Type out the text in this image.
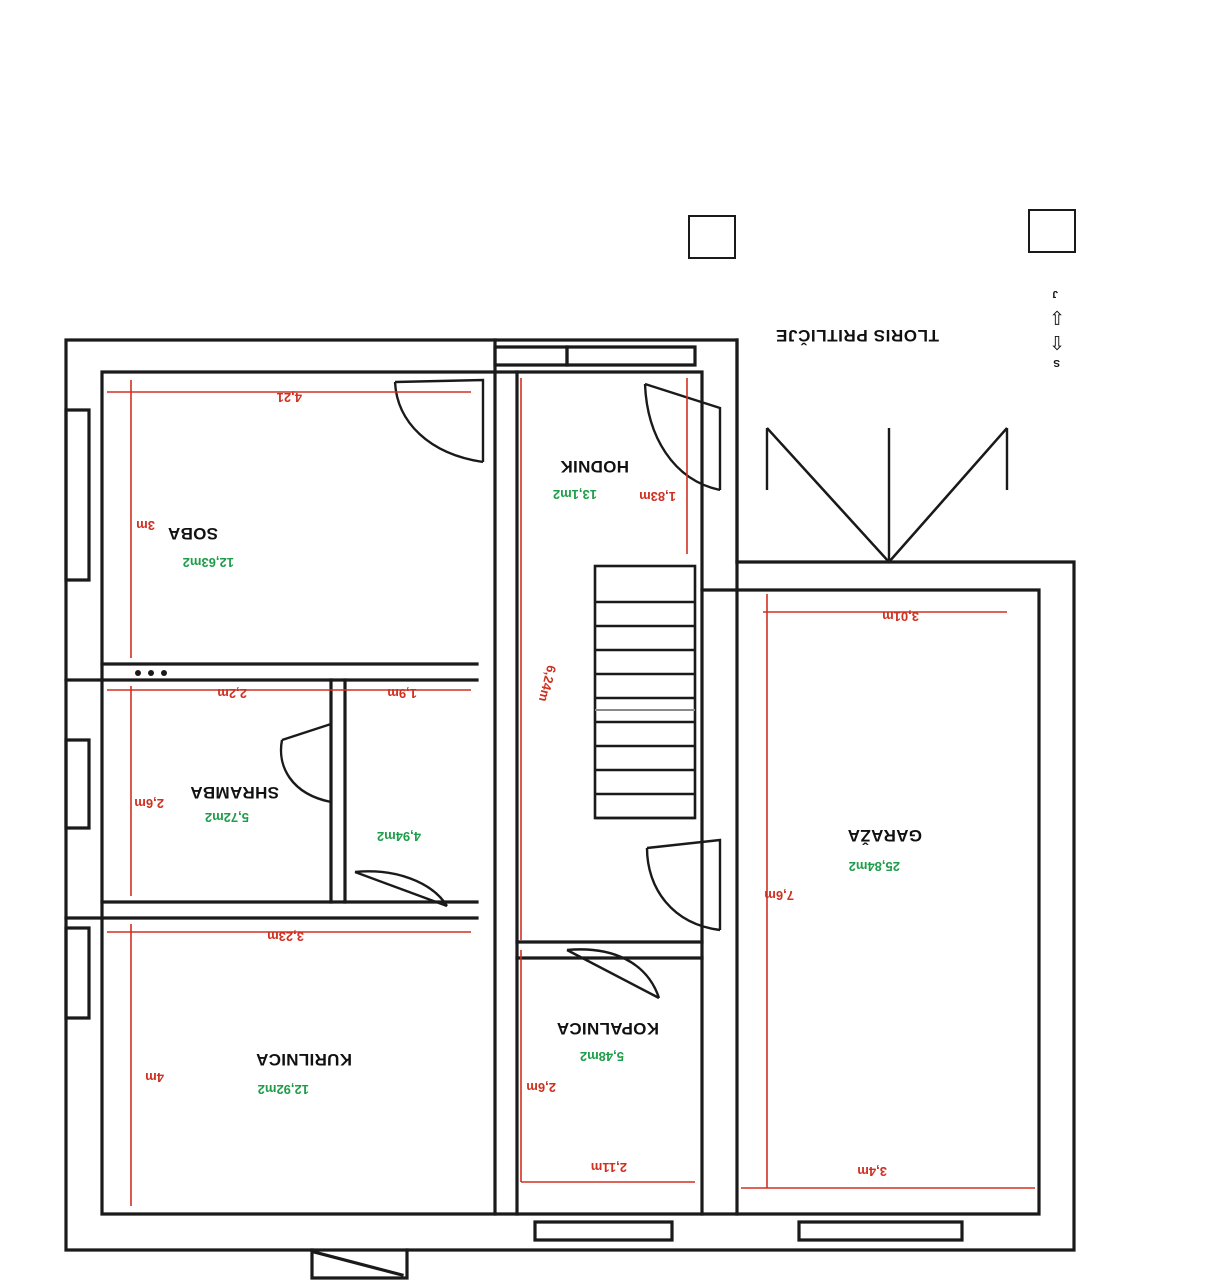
GARAŽA
25,84m2
KOPALNICA
5,48m2
KURILNICA
12,92m2
SHRAMBA
5,72m2
SOBA
12,63m2
HODNIK
13,1m2
4,94m2
3,4m
7,6m
3,01m
2,11m
2,6m
4m
3,23m
2,6m
2,2m	1,9m
3m
4,21
1,83m
6,24m
TLORIS PRITLIČJE
S
⇧
⇩
J
